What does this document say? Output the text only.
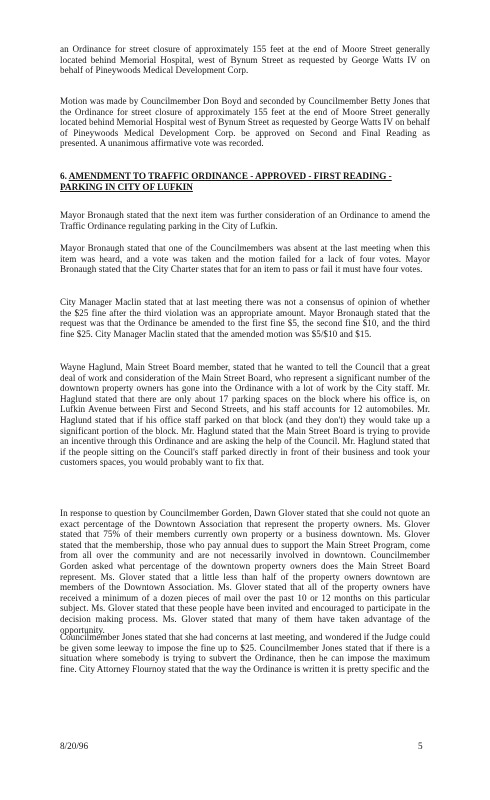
an Ordinance for street closure of approximately 155 feet at the end of Moore Street generally located behind Memorial Hospital, west of Bynum Street as requested by George Watts IV on behalf of Pineywoods Medical Development Corp.

Motion was made by Councilmember Don Boyd and seconded by Councilmember Betty Jones that the Ordinance for street closure of approximately 155 feet at the end of Moore Street generally located behind Memorial Hospital west of Bynum Street as requested by George Watts IV on behalf of Pineywoods Medical Development Corp. be approved on Second and Final Reading as presented. A unanimous affirmative vote was recorded.

6. AMENDMENT TO TRAFFIC ORDINANCE - APPROVED - FIRST READING - PARKING IN CITY OF LUFKIN

Mayor Bronaugh stated that the next item was further consideration of an Ordinance to amend the Traffic Ordinance regulating parking in the City of Lufkin.

Mayor Bronaugh stated that one of the Councilmembers was absent at the last meeting when this item was heard, and a vote was taken and the motion failed for a lack of four votes. Mayor Bronaugh stated that the City Charter states that for an item to pass or fail it must have four votes.

City Manager Maclin stated that at last meeting there was not a consensus of opinion of whether the $25 fine after the third violation was an appropriate amount. Mayor Bronaugh stated that the request was that the Ordinance be amended to the first fine $5, the second fine $10, and the third fine $25. City Manager Maclin stated that the amended motion was $5/$10 and $15.

Wayne Haglund, Main Street Board member, stated that he wanted to tell the Council that a great deal of work and consideration of the Main Street Board, who represent a significant number of the downtown property owners has gone into the Ordinance with a lot of work by the City staff. Mr. Haglund stated that there are only about 17 parking spaces on the block where his office is, on Lufkin Avenue between First and Second Streets, and his staff accounts for 12 automobiles. Mr. Haglund stated that if his office staff parked on that block (and they don't) they would take up a significant portion of the block. Mr. Haglund stated that the Main Street Board is trying to provide an incentive through this Ordinance and are asking the help of the Council. Mr. Haglund stated that if the people sitting on the Council's staff parked directly in front of their business and took your customers spaces, you would probably want to fix that.

In response to question by Councilmember Gorden, Dawn Glover stated that she could not quote an exact percentage of the Downtown Association that represent the property owners. Ms. Glover stated that 75% of their members currently own property or a business downtown. Ms. Glover stated that the membership, those who pay annual dues to support the Main Street Program, come from all over the community and are not necessarily involved in downtown. Councilmember Gorden asked what percentage of the downtown property owners does the Main Street Board represent. Ms. Glover stated that a little less than half of the property owners downtown are members of the Downtown Association. Ms. Glover stated that all of the property owners have received a minimum of a dozen pieces of mail over the past 10 or 12 months on this particular subject. Ms. Glover stated that these people have been invited and encouraged to participate in the decision making process. Ms. Glover stated that many of them have taken advantage of the opportunity.

Councilmember Jones stated that she had concerns at last meeting, and wondered if the Judge could be given some leeway to impose the fine up to $25. Councilmember Jones stated that if there is a situation where somebody is trying to subvert the Ordinance, then he can impose the maximum fine. City Attorney Flournoy stated that the way the Ordinance is written it is pretty specific and the

8/20/96	5
